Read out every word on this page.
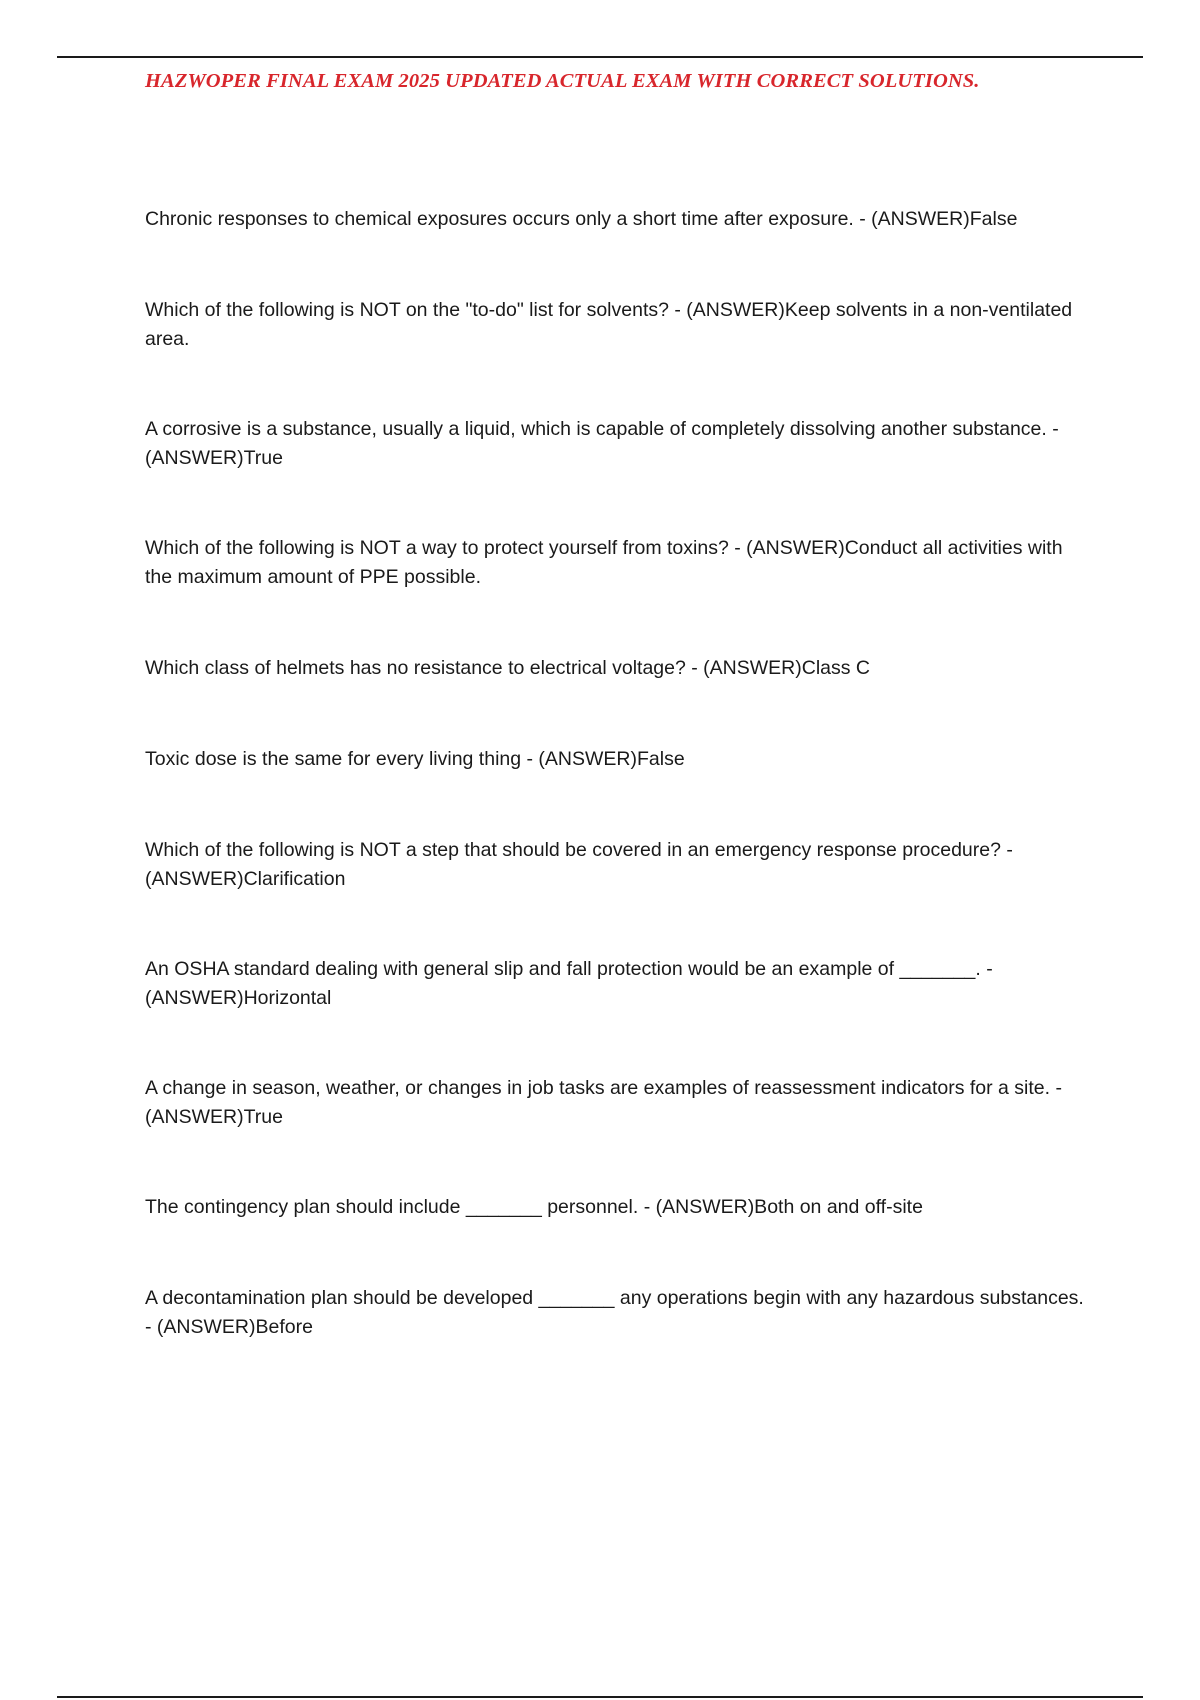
HAZWOPER FINAL EXAM 2025 UPDATED ACTUAL EXAM WITH CORRECT SOLUTIONS.

Chronic responses to chemical exposures occurs only a short time after exposure. - (ANSWER)False

Which of the following is NOT on the "to-do" list for solvents? - (ANSWER)Keep solvents in a non-ventilated area.

A corrosive is a substance, usually a liquid, which is capable of completely dissolving another substance. - (ANSWER)True

Which of the following is NOT a way to protect yourself from toxins? - (ANSWER)Conduct all activities with the maximum amount of PPE possible.

Which class of helmets has no resistance to electrical voltage? - (ANSWER)Class C

Toxic dose is the same for every living thing - (ANSWER)False

Which of the following is NOT a step that should be covered in an emergency response procedure? - (ANSWER)Clarification

An OSHA standard dealing with general slip and fall protection would be an example of _______. - (ANSWER)Horizontal

A change in season, weather, or changes in job tasks are examples of reassessment indicators for a site. - (ANSWER)True

The contingency plan should include _______ personnel. - (ANSWER)Both on and off-site

A decontamination plan should be developed _______ any operations begin with any hazardous substances. - (ANSWER)Before
